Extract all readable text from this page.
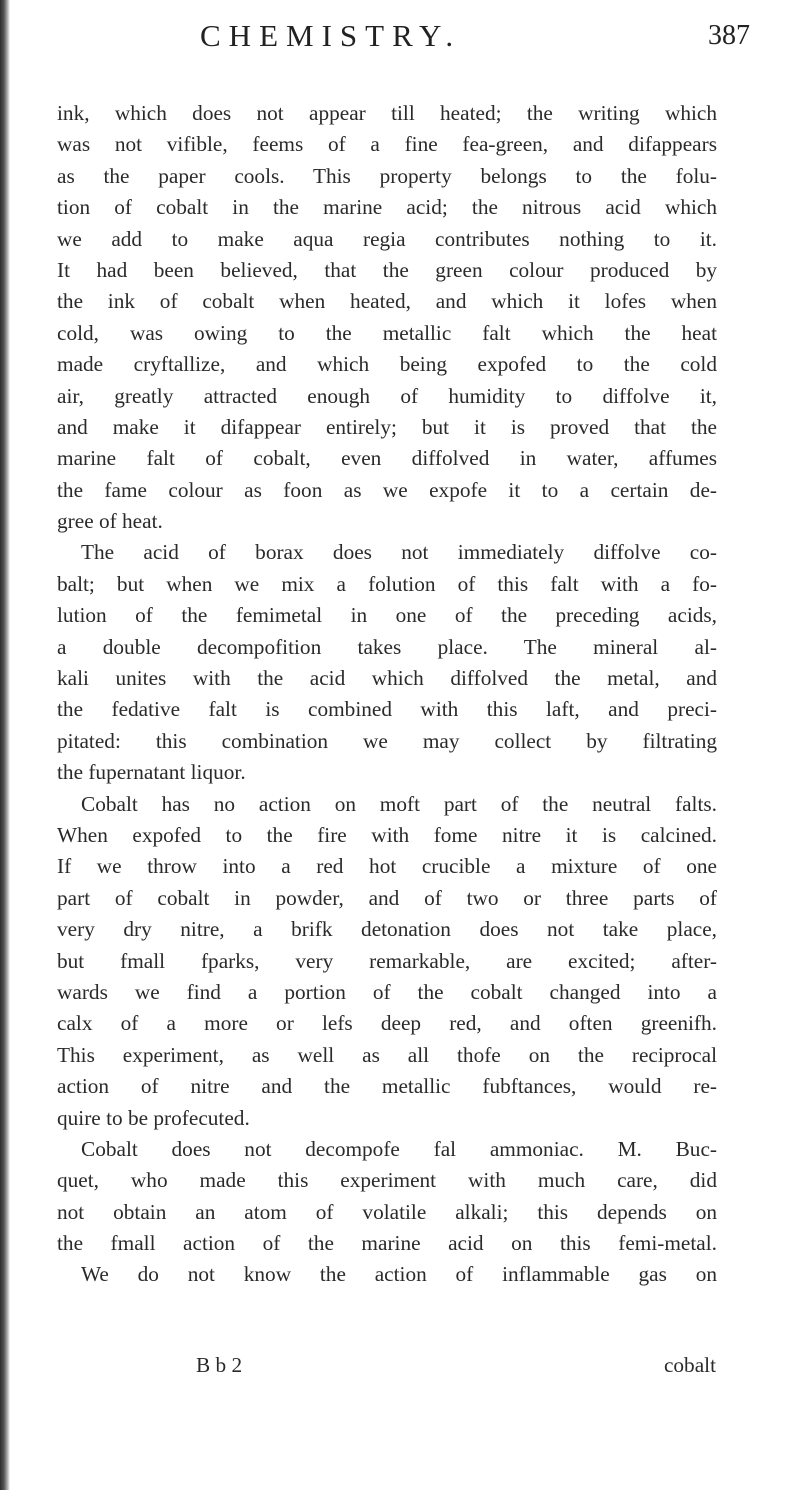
CHEMISTRY.	387
ink, which does not appear till heated; the writing which
was not vifible, feems of a fine fea-green, and difappears
as the paper cools. This property belongs to the folu-
tion of cobalt in the marine acid; the nitrous acid which
we add to make aqua regia contributes nothing to it.
It had been believed, that the green colour produced by
the ink of cobalt when heated, and which it lofes when
cold, was owing to the metallic falt which the heat
made cryftallize, and which being expofed to the cold
air, greatly attracted enough of humidity to diffolve it,
and make it difappear entirely; but it is proved that the
marine falt of cobalt, even diffolved in water, affumes
the fame colour as foon as we expofe it to a certain de-
gree of heat.
The acid of borax does not immediately diffolve co-
balt; but when we mix a folution of this falt with a fo-
lution of the femimetal in one of the preceding acids,
a double decompofition takes place. The mineral al-
kali unites with the acid which diffolved the metal, and
the fedative falt is combined with this laft, and preci-
pitated: this combination we may collect by filtrating
the fupernatant liquor.
Cobalt has no action on moft part of the neutral falts.
When expofed to the fire with fome nitre it is calcined.
If we throw into a red hot crucible a mixture of one
part of cobalt in powder, and of two or three parts of
very dry nitre, a brifk detonation does not take place,
but fmall fparks, very remarkable, are excited; after-
wards we find a portion of the cobalt changed into a
calx of a more or lefs deep red, and often greenifh.
This experiment, as well as all thofe on the reciprocal
action of nitre and the metallic fubftances, would re-
quire to be profecuted.
Cobalt does not decompofe fal ammoniac. M. Buc-
quet, who made this experiment with much care, did
not obtain an atom of volatile alkali; this depends on
the fmall action of the marine acid on this femi-metal.
We do not know the action of inflammable gas on
B b 2	cobalt
